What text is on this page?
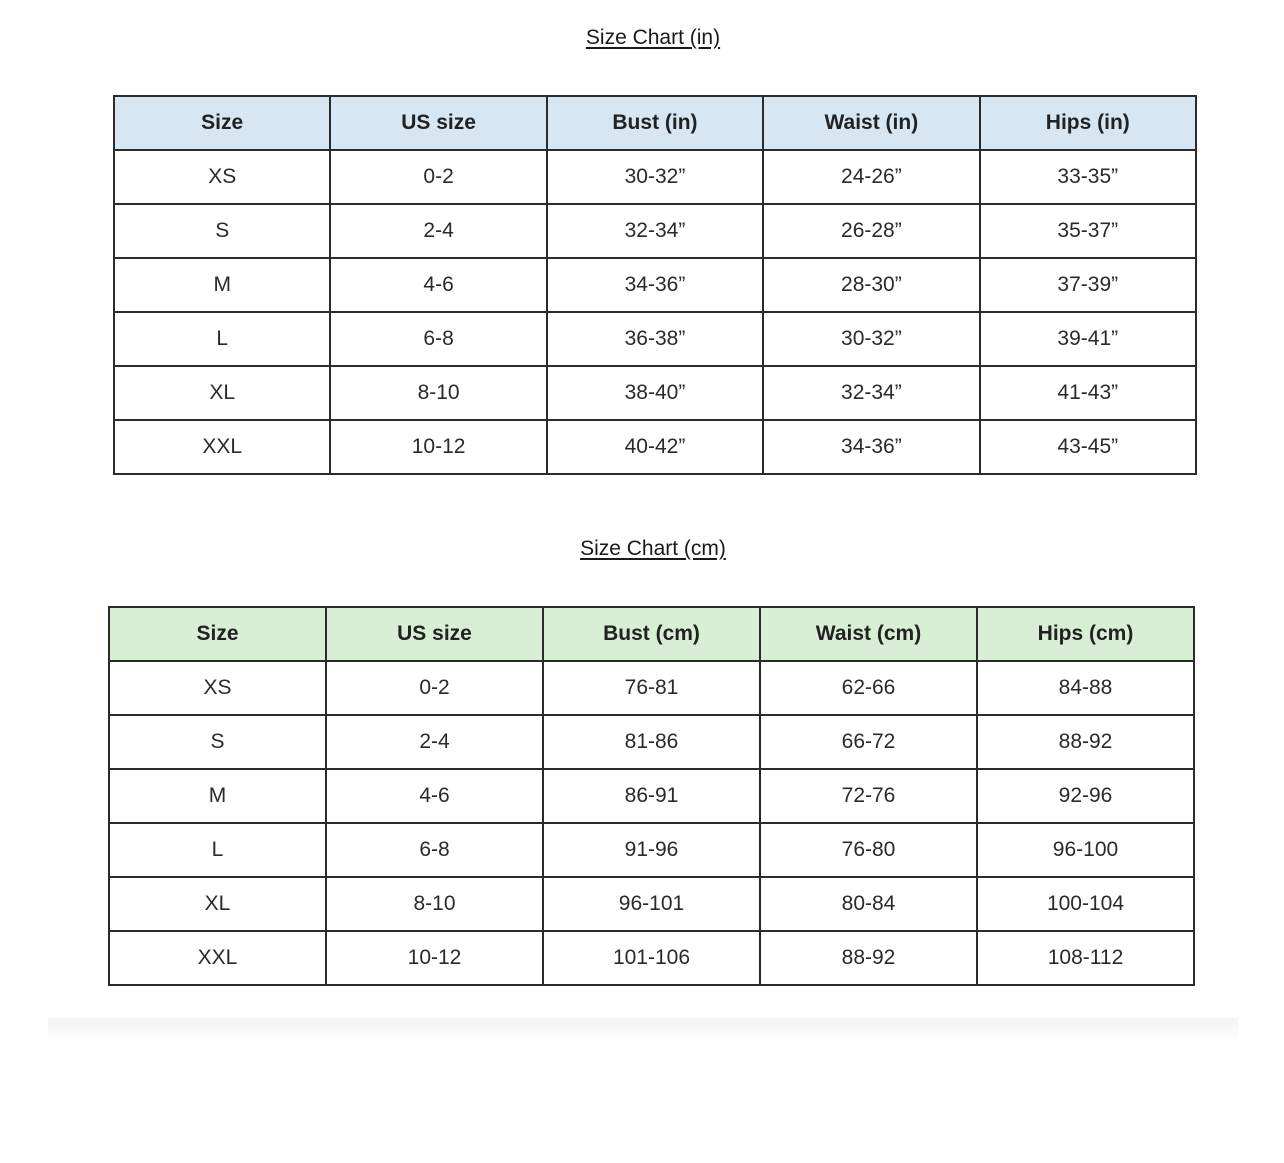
Size Chart (in)
Size	US size	Bust (in)	Waist (in)	Hips (in)
XS	0-2	30-32”	24-26”	33-35”
S	2-4	32-34”	26-28”	35-37”
M	4-6	34-36”	28-30”	37-39”
L	6-8	36-38”	30-32”	39-41”
XL	8-10	38-40”	32-34”	41-43”
XXL	10-12	40-42”	34-36”	43-45”
Size Chart (cm)
Size	US size	Bust (cm)	Waist (cm)	Hips (cm)
XS	0-2	76-81	62-66	84-88
S	2-4	81-86	66-72	88-92
M	4-6	86-91	72-76	92-96
L	6-8	91-96	76-80	96-100
XL	8-10	96-101	80-84	100-104
XXL	10-12	101-106	88-92	108-112
